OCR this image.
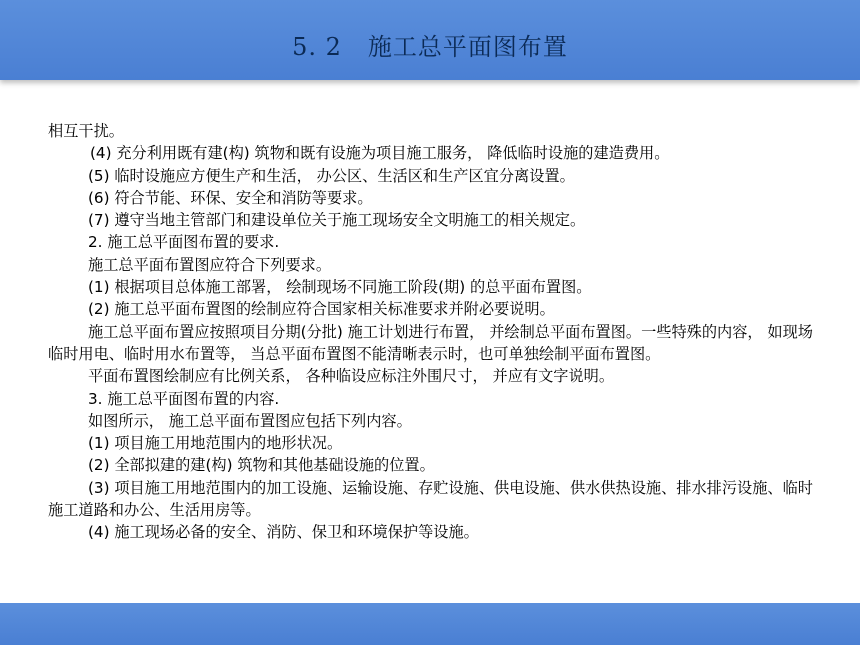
5. 2   施工总平面图布置

相互干扰。

(4) 充分利用既有建(构) 筑物和既有设施为项目施工服务， 降低临时设施的建造费用。

(5) 临时设施应方便生产和生活， 办公区、生活区和生产区宜分离设置。

(6) 符合节能、环保、安全和消防等要求。

(7) 遵守当地主管部门和建设单位关于施工现场安全文明施工的相关规定。

2. 施工总平面图布置的要求.

施工总平面布置图应符合下列要求。

(1) 根据项目总体施工部署， 绘制现场不同施工阶段(期) 的总平面布置图。

(2) 施工总平面布置图的绘制应符合国家相关标准要求并附必要说明。

施工总平面布置应按照项目分期(分批) 施工计划进行布置， 并绘制总平面布置图。一些特殊的内容， 如现场临时用电、临时用水布置等， 当总平面布置图不能清晰表示时，也可单独绘制平面布置图。

平面布置图绘制应有比例关系， 各种临设应标注外围尺寸， 并应有文字说明。

3. 施工总平面图布置的内容.

如图所示， 施工总平面布置图应包括下列内容。

(1) 项目施工用地范围内的地形状况。

(2) 全部拟建的建(构) 筑物和其他基础设施的位置。

(3) 项目施工用地范围内的加工设施、运输设施、存贮设施、供电设施、供水供热设施、排水排污设施、临时施工道路和办公、生活用房等。

(4) 施工现场必备的安全、消防、保卫和环境保护等设施。
